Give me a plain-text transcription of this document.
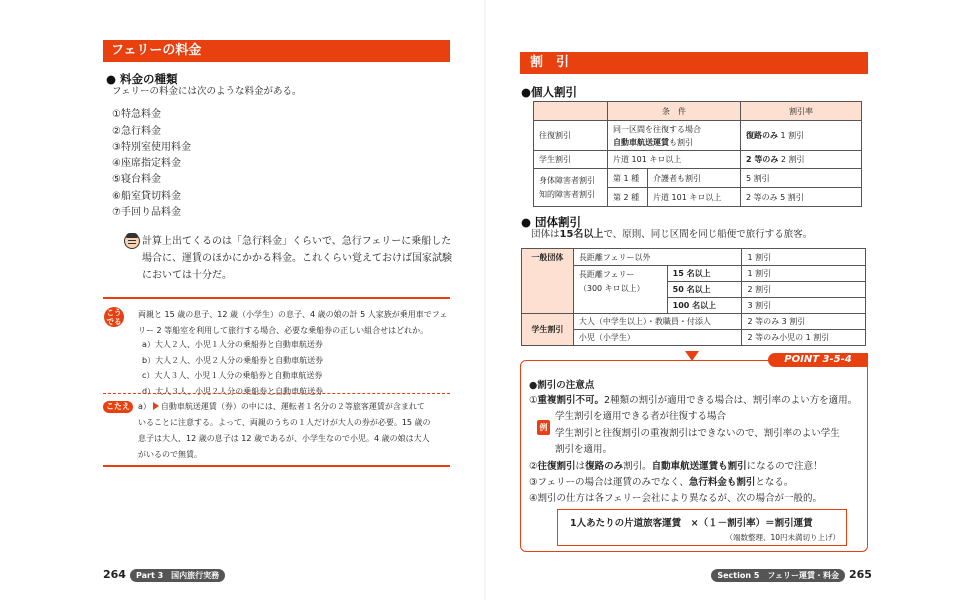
フェリーの料金
● 料金の種類
フェリーの料金には次のような料金がある。
①特急料金
②急行料金
③特別室使用料金
④座席指定料金
⑤寝台料金
⑥船室貸切料金
⑦手回り品料金
計算上出てくるのは「急行料金」くらいで、急行フェリーに乗船した
場合に、運賃のほかにかかる料金。これくらい覚えておけば国家試験
においては十分だ。
こう でる
両親と 15 歳の息子、12 歳（小学生）の息子、4 歳の娘の計 5 人家族が乗用車でフェ
リー 2 等船室を利用して旅行する場合、必要な乗船券の正しい組合せはどれか。
a）大人２人、小児１人分の乗船券と自動車航送券
b）大人２人、小児２人分の乗船券と自動車航送券
c）大人３人、小児１人分の乗船券と自動車航送券
d）大人３人、小児２人分の乗船券と自動車航送券
こたえ	a） 自動車航送運賃（券）の中には、運転者１名分の２等旅客運賃が含まれて
いることに注意する。よって、両親のうちの１人だけが大人の券が必要。15 歳の
息子は大人、12 歳の息子は 12 歳であるが、小学生なので小児。4 歳の娘は大人
がいるので無賃。
264	Part 3　国内旅行実務
割　引
●個人割引
	条　件		割引率
往復割引	同一区間を往復する場合
自動車航送運賃も割引		復路のみ 1 割引
学生割引	片道 101 キロ以上		2 等のみ 2 割引

身体障害者割引
知的障害者割引	第 1 種	介護者も割引	5 割引
	第 2 種	片道 101 キロ以上	2 等のみ 5 割引
● 団体割引
団体は15名以上で、原則、同じ区間を同じ船便で旅行する旅客。
一般団体	長距離フェリー以外		1 割引

	長距離フェリー
（300 キロ以上）	15 名以上	1 割引
		50 名以上	2 割引
		100 名以上	3 割引
学生割引	大人（中学生以上）・教職員・付添人		2 等のみ 3 割引
	小児（小学生）		2 等のみ小児の 1 割引
POINT 3-5-4
●割引の注意点
①重複割引不可。2種類の割引が適用できる場合は、割引率のよい方を適用。
例
学生割引を適用できる者が往復する場合
学生割引と往復割引の重複割引はできないので、割引率のよい学生
割引を適用。
②往復割引は復路のみ割引。自動車航送運賃も割引になるので注意！
③フェリーの場合は運賃のみでなく、急行料金も割引となる。
④割引の仕方は各フェリー会社により異なるが、次の場合が一般的。
1人あたりの片道旅客運賃　×（１－割引率）＝割引運賃
（端数整理、10円未満切り上げ）
Section 5　フェリー運賃・料金 265
